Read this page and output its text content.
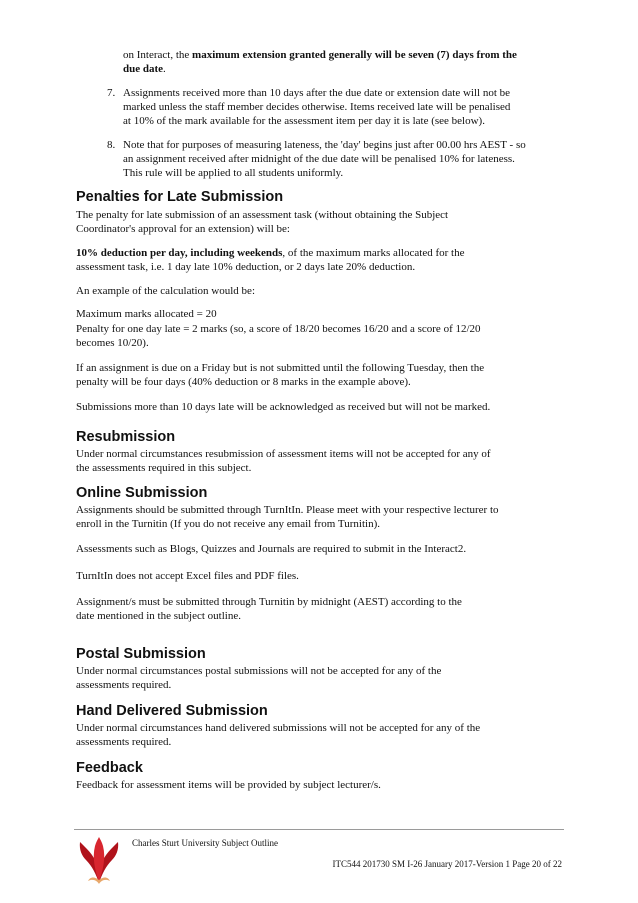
on Interact, the maximum extension granted generally will be seven (7) days from the
due date.

7. Assignments received more than 10 days after the due date or extension date will not be
marked unless the staff member decides otherwise. Items received late will be penalised
at 10% of the mark available for the assessment item per day it is late (see below).

8. Note that for purposes of measuring lateness, the 'day' begins just after 00.00 hrs AEST - so
an assignment received after midnight of the due date will be penalised 10% for lateness.
This rule will be applied to all students uniformly.

Penalties for Late Submission

The penalty for late submission of an assessment task (without obtaining the Subject
Coordinator's approval for an extension) will be:

10% deduction per day, including weekends, of the maximum marks allocated for the
assessment task, i.e. 1 day late 10% deduction, or 2 days late 20% deduction.

An example of the calculation would be:

Maximum marks allocated = 20

Penalty for one day late = 2 marks (so, a score of 18/20 becomes 16/20 and a score of 12/20
becomes 10/20).

If an assignment is due on a Friday but is not submitted until the following Tuesday, then the
penalty will be four days (40% deduction or 8 marks in the example above).

Submissions more than 10 days late will be acknowledged as received but will not be marked.

Resubmission

Under normal circumstances resubmission of assessment items will not be accepted for any of
the assessments required in this subject.

Online Submission

Assignments should be submitted through TurnItIn. Please meet with your respective lecturer to
enroll in the Turnitin (If you do not receive any email from Turnitin).

Assessments such as Blogs, Quizzes and Journals are required to submit in the Interact2.

TurnItIn does not accept Excel files and PDF files.

Assignment/s must be submitted through Turnitin by midnight (AEST) according to the
date mentioned in the subject outline.

Postal Submission

Under normal circumstances postal submissions will not be accepted for any of the
assessments required.

Hand Delivered Submission

Under normal circumstances hand delivered submissions will not be accepted for any of the
assessments required.

Feedback

Feedback for assessment items will be provided by subject lecturer/s.

Charles Sturt University Subject Outline
ITC544 201730 SM I-26 January 2017-Version 1 Page 20 of 22
